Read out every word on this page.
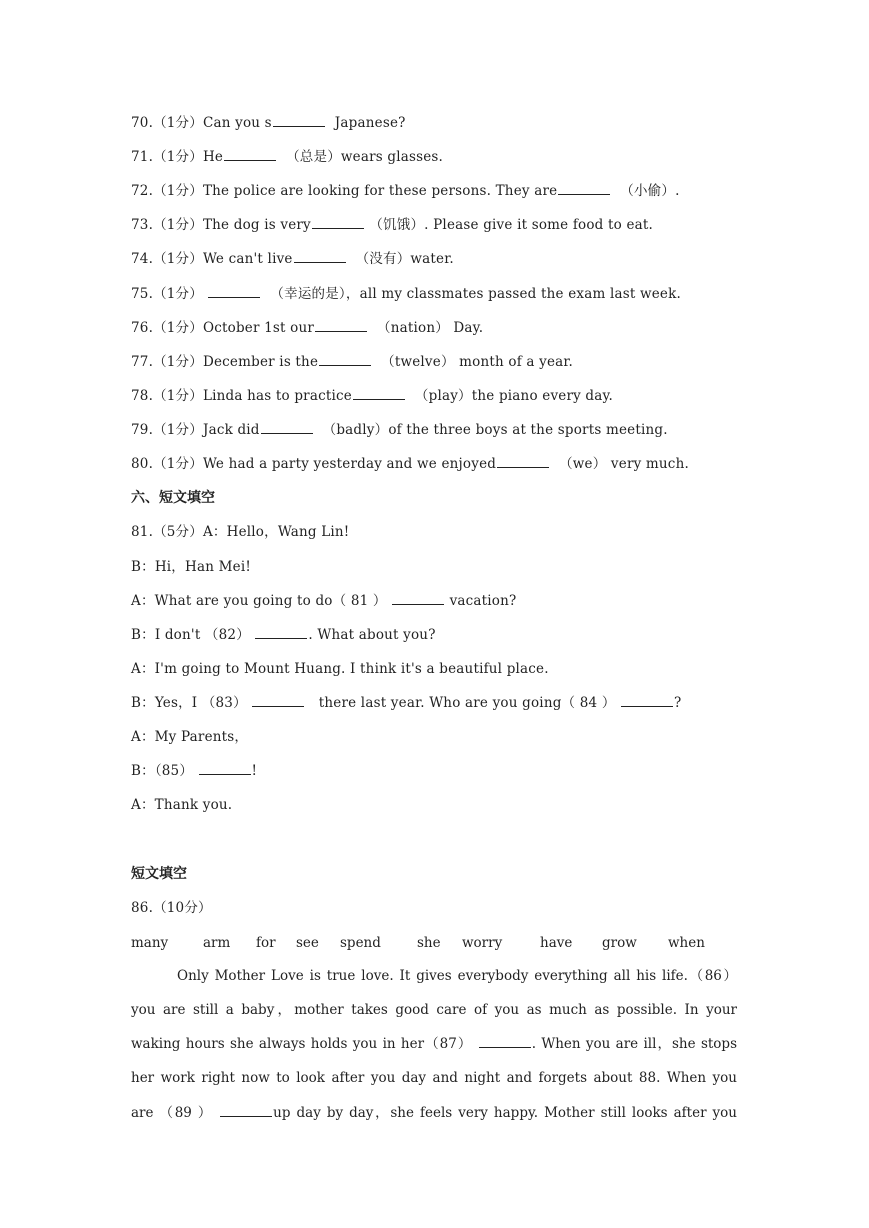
70.（1分）Can you s	Japanese?
71.（1分）He	（总是）wears glasses.
72.（1分）The police are looking for these persons. They are	（小偷）.
73.（1分）The dog is very	（饥饿）. Please give it some food to eat.
74.（1分）We can't live	（没有）water.
75.（1分）	（幸运的是），all my classmates passed the exam last week.
76.（1分）October 1st our	（nation） Day.
77.（1分）December is the	（twelve） month of a year.
78.（1分）Linda has to practice	（play）the piano every day.
79.（1分）Jack did	（badly）of the three boys at the sports meeting.
80.（1分）We had a party yesterday and we enjoyed	（we） very much.
六、短文填空
81.（5分）A：Hello，Wang Lin!
B：Hi，Han Mei!
A：What are you going to do（ 81 ）	vacation?
B：I don't （82）	. What about you?
A：I'm going to Mount Huang. I think it's a beautiful place.
B：Yes，I （83）	there last year. Who are you going（ 84 ）	?
A：My Parents，
B：（85）	!
A：Thank you.
短文填空
86.（10分）
many	arm for see spend	she worry	have grow when
Only Mother Love is true love. It gives everybody everything all his life.（86）
you are still a baby，mother takes good care of you as much as possible. In your
waking hours she always holds you in her（87）	. When you are ill，she stops
her work right now to look after you day and night and forgets about 88. When you
are （89 ）	up day by day，she feels very happy. Mother still looks after you
